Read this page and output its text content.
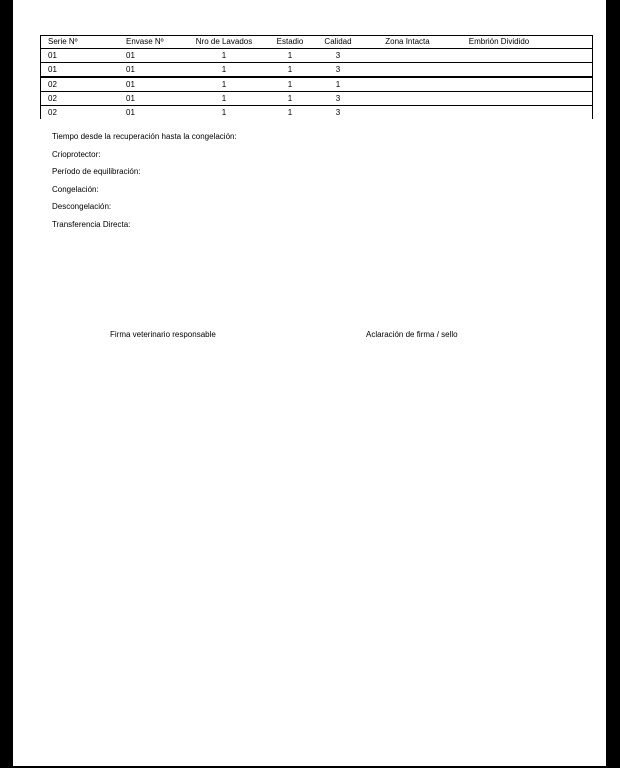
Serie Nº	Envase Nº	Nro de Lavados	Estadio	Calidad	Zona Intacta	Embrión Dividido	
01	01	1	1	3			
01	01	1	1	3			
02	01	1	1	1			
02	01	1	1	3			
02	01	1	1	3			
Tiempo desde la recuperación hasta la congelación:
Crioprotector:
Período de equilibración:
Congelación:
Descongelación:
Transferencia Directa:
Firma veterinario responsable	Aclaración de firma / sello
